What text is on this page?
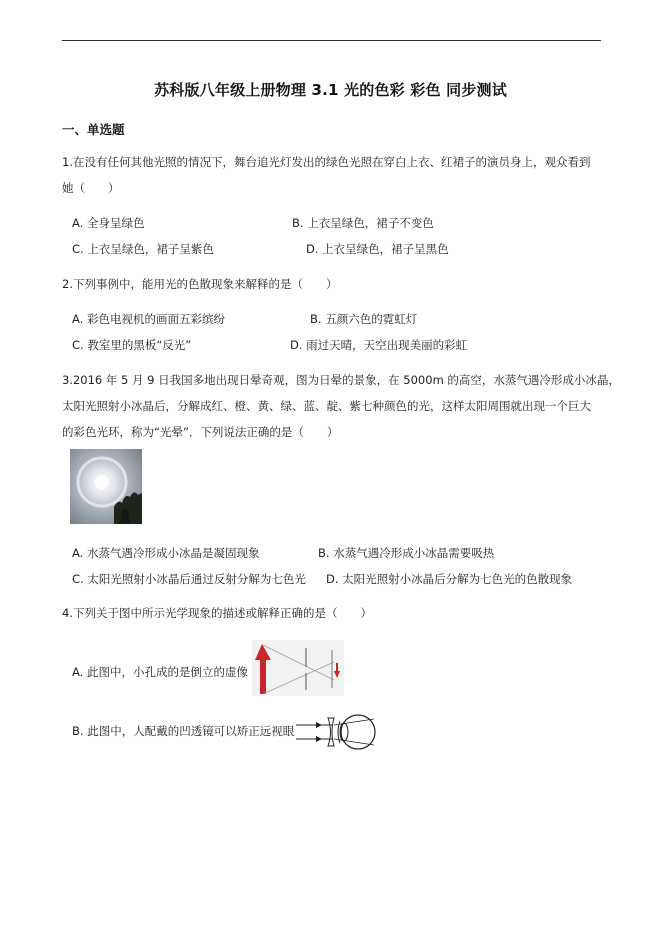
苏科版八年级上册物理 3.1 光的色彩 彩色 同步测试
一、单选题
1.在没有任何其他光照的情况下，舞台追光灯发出的绿色光照在穿白上衣、红裙子的演员身上，观众看到
她（　　）
A. 全身呈绿色	B. 上衣呈绿色，裙子不变色
C. 上衣呈绿色，裙子呈紫色	D. 上衣呈绿色，裙子呈黑色
2.下列事例中，能用光的色散现象来解释的是（　　）
A. 彩色电视机的画面五彩缤纷	B. 五颜六色的霓虹灯
C. 教室里的黑板“反光”	D. 雨过天晴，天空出现美丽的彩虹
3.2016 年 5 月 9 日我国多地出现日晕奇观，图为日晕的景象，在 5000m 的高空，水蒸气遇冷形成小冰晶，
太阳光照射小冰晶后，分解成红、橙、黄、绿、蓝、靛、紫七种颜色的光，这样太阳周围就出现一个巨大
的彩色光环，称为“光晕”．下列说法正确的是（　　）
A. 水蒸气遇冷形成小冰晶是凝固现象	B. 水蒸气遇冷形成小冰晶需要吸热
C. 太阳光照射小冰晶后通过反射分解为七色光 D. 太阳光照射小冰晶后分解为七色光的色散现象
4.下列关于图中所示光学现象的描述或解释正确的是（　　）
A. 此图中，小孔成的是倒立的虚像
B. 此图中，人配戴的凹透镜可以矫正远视眼
